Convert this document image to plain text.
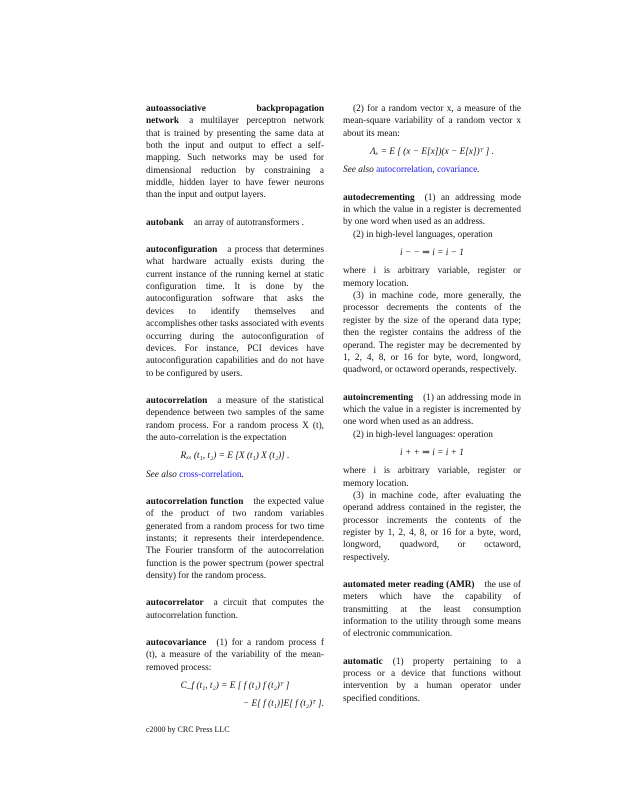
autoassociative backpropagation network a multilayer perceptron network that is trained by presenting the same data at both the input and output to effect a self-mapping. Such networks may be used for dimensional reduction by constraining a middle, hidden layer to have fewer neurons than the input and output layers.

autobank an array of autotransformers .

autoconfiguration a process that determines what hardware actually exists during the current instance of the running kernel at static configuration time. It is done by the autoconfiguration software that asks the devices to identify themselves and accomplishes other tasks associated with events occurring during the autoconfiguration of devices. For instance, PCI devices have autoconfiguration capabilities and do not have to be configured by users.

autocorrelation a measure of the statistical dependence between two samples of the same random process. For a random process X (t), the auto-correlation is the expectation

Rₓₓ (t₁, t₂) = E [X (t₁) X (t₂)] .

See also cross-correlation.

autocorrelation function the expected value of the product of two random variables generated from a random process for two time instants; it represents their interdependence. The Fourier transform of the autocorrelation function is the power spectrum (power spectral density) for the random process.

autocorrelator a circuit that computes the autocorrelation function.

autocovariance (1) for a random process f (t), a measure of the variability of the mean-removed process:

C_f (t₁, t₂) = E [ f (t₁) f (t₂)ᵀ ]
− E[ f (t₁)]E[ f (t₂)ᵀ ].

(2) for a random vector x, a measure of the mean-square variability of a random vector x about its mean:

Λₓ = E [ (x − E[x])(x − E[x])ᵀ ] .

See also autocorrelation, covariance.

autodecrementing (1) an addressing mode in which the value in a register is decremented by one word when used as an address.

(2) in high-level languages, operation

i − − ⇒ i = i − 1

where i is arbitrary variable, register or memory location.

(3) in machine code, more generally, the processor decrements the contents of the register by the size of the operand data type; then the register contains the address of the operand. The register may be decremented by 1, 2, 4, 8, or 16 for byte, word, longword, quadword, or octaword operands, respectively.

autoincrementing (1) an addressing mode in which the value in a register is incremented by one word when used as an address.

(2) in high-level languages: operation

i + + ⇒ i = i + 1

where i is arbitrary variable, register or memory location.

(3) in machine code, after evaluating the operand address contained in the register, the processor increments the contents of the register by 1, 2, 4, 8, or 16 for a byte, word, longword, quadword, or octaword, respectively.

automated meter reading (AMR) the use of meters which have the capability of transmitting at the least consumption information to the utility through some means of electronic communication.

automatic (1) property pertaining to a process or a device that functions without intervention by a human operator under specified conditions.

c2000 by CRC Press LLC
